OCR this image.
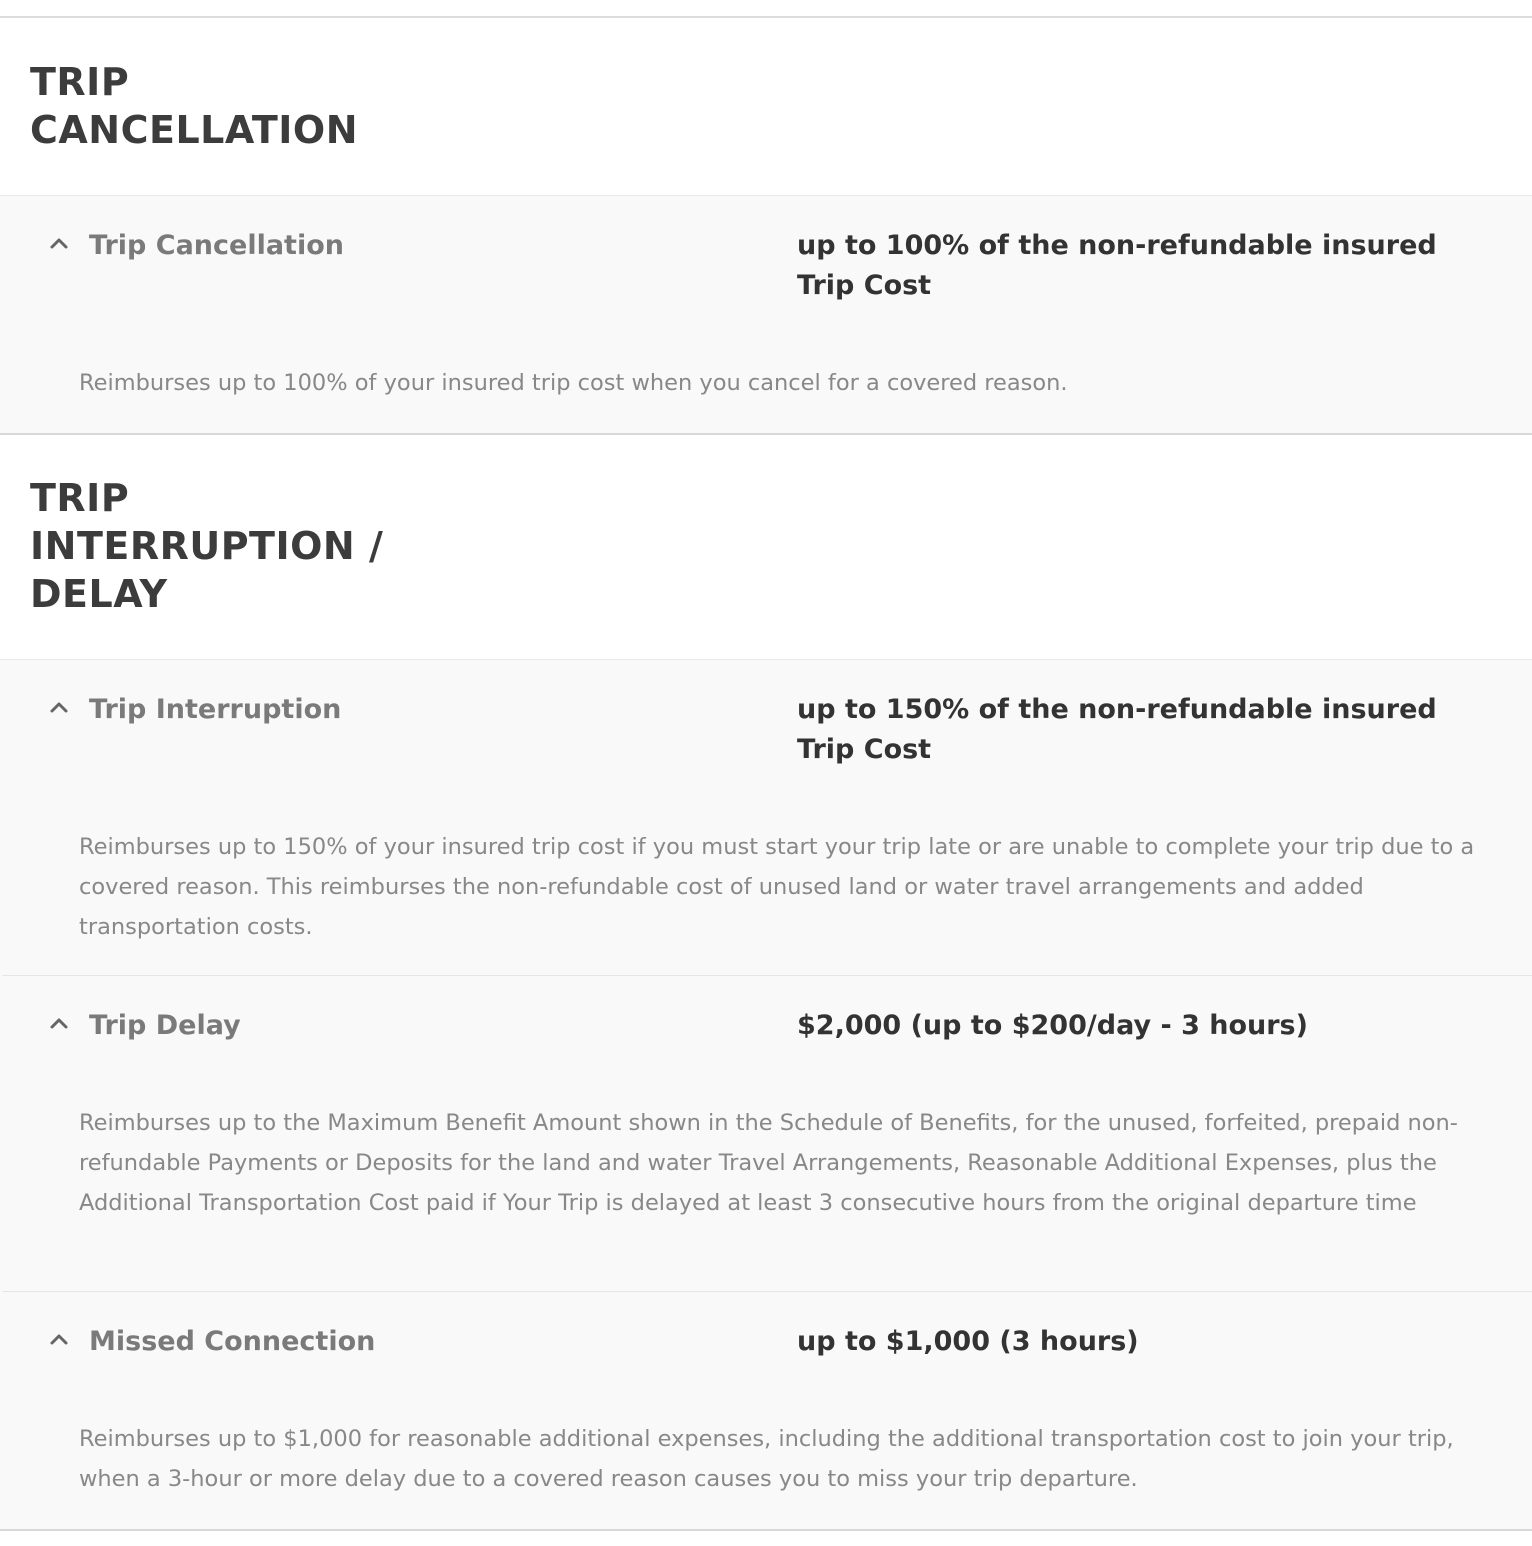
TRIP
CANCELLATION
Trip Cancellation	up to 100% of the non-refundable insured Trip Cost
Reimburses up to 100% of your insured trip cost when you cancel for a covered reason.
TRIP
INTERRUPTION /
DELAY
Trip Interruption	up to 150% of the non-refundable insured Trip Cost
Reimburses up to 150% of your insured trip cost if you must start your trip late or are unable to complete your trip due to a covered reason. This reimburses the non-refundable cost of unused land or water travel arrangements and added transportation costs.
Trip Delay	$2,000 (up to $200/day - 3 hours)
Reimburses up to the Maximum Benefit Amount shown in the Schedule of Benefits, for the unused, forfeited, prepaid non-refundable Payments or Deposits for the land and water Travel Arrangements, Reasonable Additional Expenses, plus the Additional Transportation Cost paid if Your Trip is delayed at least 3 consecutive hours from the original departure time
Missed Connection	up to $1,000 (3 hours)
Reimburses up to $1,000 for reasonable additional expenses, including the additional transportation cost to join your trip, when a 3-hour or more delay due to a covered reason causes you to miss your trip departure.
